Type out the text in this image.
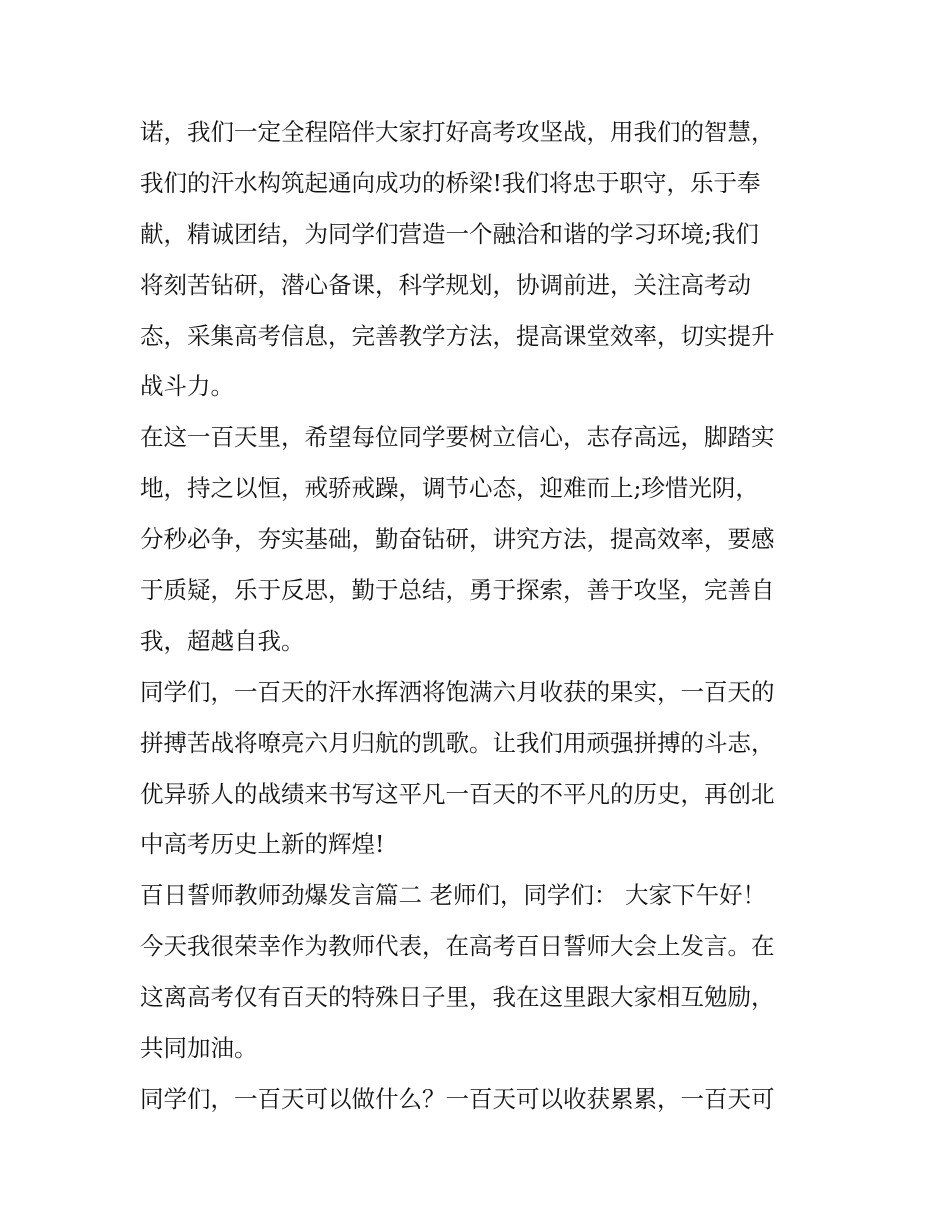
诺，我们一定全程陪伴大家打好高考攻坚战，用我们的智慧，
我们的汗水构筑起通向成功的桥梁!我们将忠于职守，乐于奉
献，精诚团结，为同学们营造一个融洽和谐的学习环境;我们
将刻苦钻研，潜心备课，科学规划，协调前进，关注高考动
态，采集高考信息，完善教学方法，提高课堂效率，切实提升
战斗力。
在这一百天里，希望每位同学要树立信心，志存高远，脚踏实
地，持之以恒，戒骄戒躁，调节心态，迎难而上;珍惜光阴，
分秒必争，夯实基础，勤奋钻研，讲究方法，提高效率，要感
于质疑，乐于反思，勤于总结，勇于探索，善于攻坚，完善自
我，超越自我。
同学们，一百天的汗水挥洒将饱满六月收获的果实，一百天的
拼搏苦战将嘹亮六月归航的凯歌。让我们用顽强拼搏的斗志，
优异骄人的战绩来书写这平凡一百天的不平凡的历史，再创北
中高考历史上新的辉煌!
百日誓师教师劲爆发言篇二 老师们，同学们： 大家下午好！
今天我很荣幸作为教师代表，在高考百日誓师大会上发言。在
这离高考仅有百天的特殊日子里，我在这里跟大家相互勉励，
共同加油。
同学们，一百天可以做什么？一百天可以收获累累，一百天可
